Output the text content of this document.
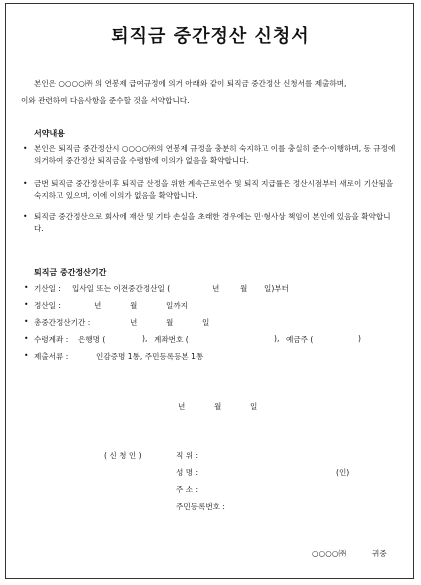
퇴직금 중간정산 신청서
본인은 ○○○○㈜ 의 연봉제 급여규정에 의거 아래와 같이 퇴직금 중간정산 신청서를 제출하며,
이와 관련하여 다음사항을 준수할 것을 서약합니다.
서약내용
• 본인은 퇴직금 중간정산시 ○○○○㈜의 연봉제 규정을 충분히 숙지하고 이를 충실히 준수·이행하며, 동 규정에 의거하여 중간정산 퇴직금을 수령함에 이의가 없음을 확약합니다.
• 금번 퇴직금 중간정산이후 퇴직금 산정을 위한 계속근로연수 및 퇴직 지급률은 정산시점부터 새로이 기산됨을 숙지하고 있으며, 이에 이의가 없음을 확약합니다.
• 퇴직금 중간정산으로 회사에 재산 및 기타 손실을 초래한 경우에는 민·형사상 책임이 본인에 있음을 확약합니다.
퇴직금 중간정산기간
• 기산일 : 입사일 또는 이전중간정산일 (	년	월 일)부터
• 정산일 :	년	월	일까지
• 총중간정산기간 :	년	월	일
• 수령계좌 : 은행명 (	), 계좌번호 (	), 예금주 (	)
• 제출서류 :	인감증명 1통, 주민등록등본 1통
년	월	일
( 신 청 인 )	직 위 :
성 명 :	(인)
주 소 :
주민등록번호 :
○○○○㈜	귀중
